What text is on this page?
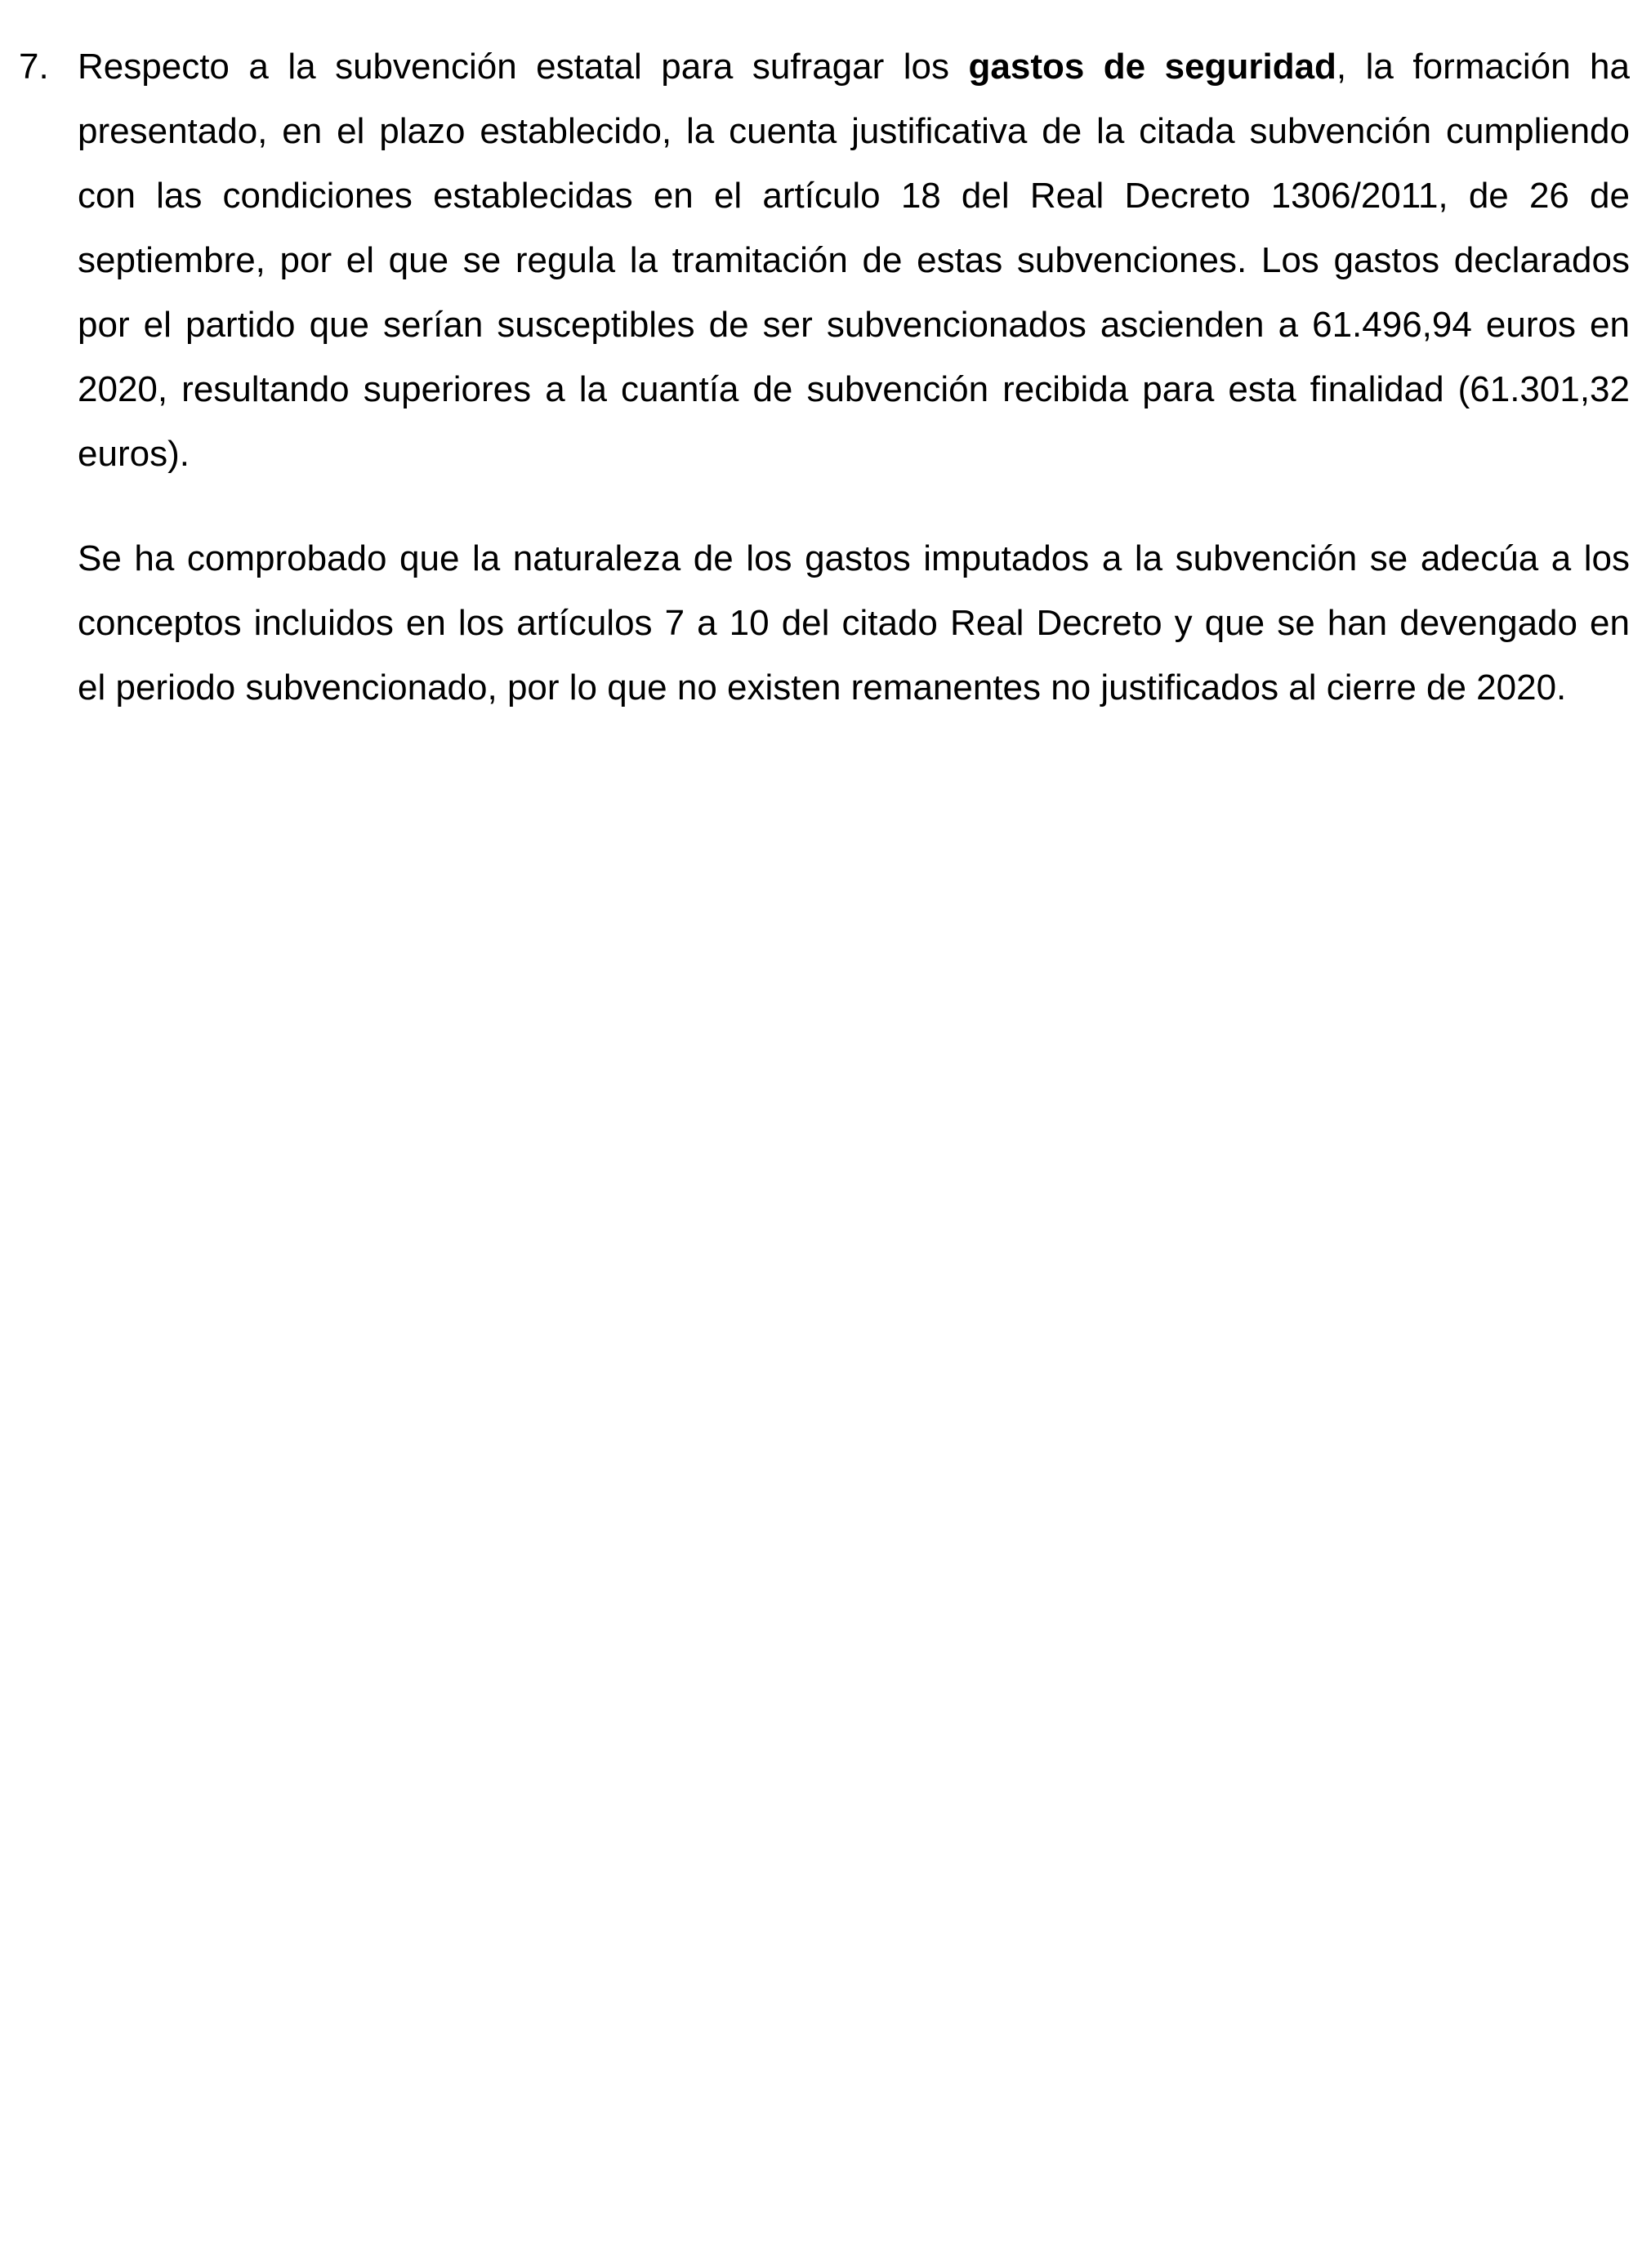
7. Respecto a la subvención estatal para sufragar los gastos de seguridad, la formación ha
presentado, en el plazo establecido, la cuenta justificativa de la citada subvención cumpliendo
con las condiciones establecidas en el artículo 18 del Real Decreto 1306/2011, de 26 de
septiembre, por el que se regula la tramitación de estas subvenciones. Los gastos declarados
por el partido que serían susceptibles de ser subvencionados ascienden a 61.496,94 euros en
2020, resultando superiores a la cuantía de subvención recibida para esta finalidad (61.301,32
euros).
Se ha comprobado que la naturaleza de los gastos imputados a la subvención se adecúa a los
conceptos incluidos en los artículos 7 a 10 del citado Real Decreto y que se han devengado en
el periodo subvencionado, por lo que no existen remanentes no justificados al cierre de 2020.
